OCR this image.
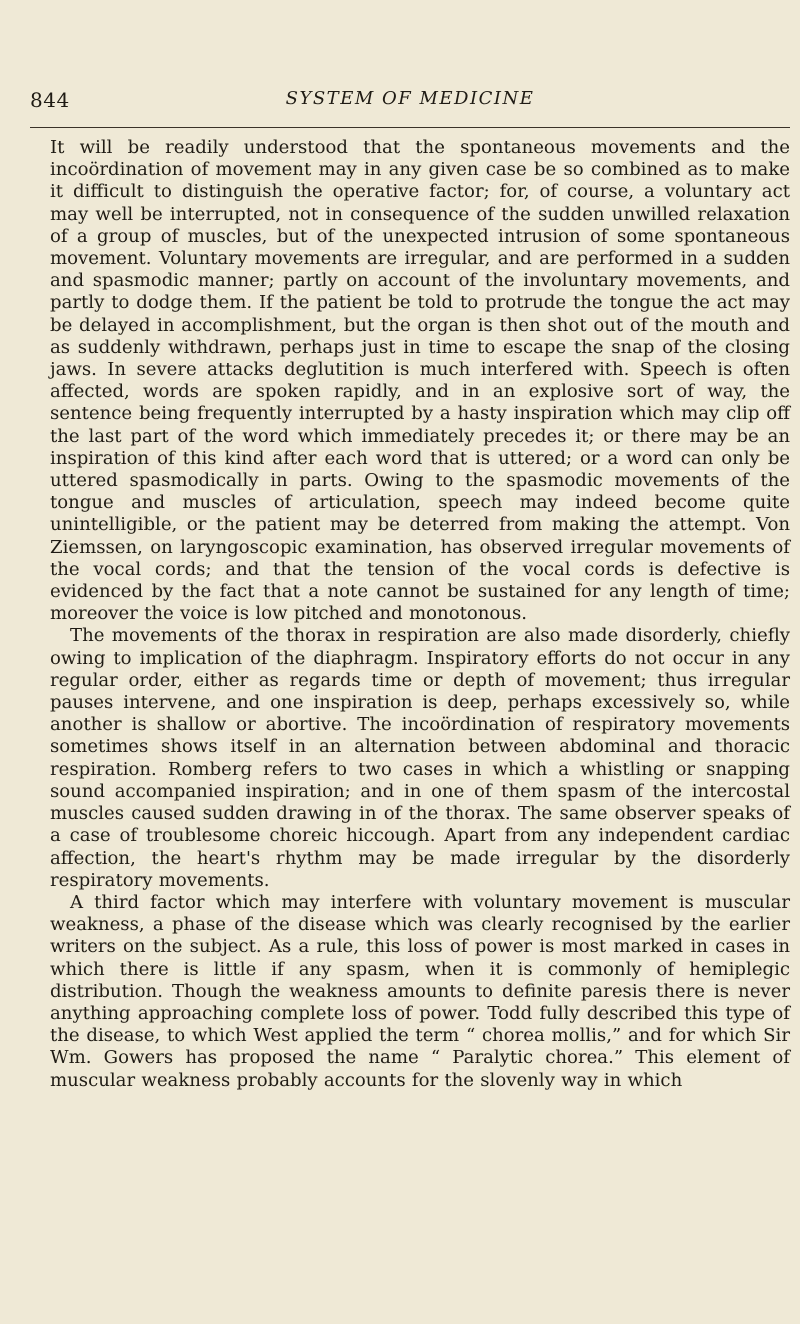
844	SYSTEM OF MEDICINE

It will be readily understood that the spontaneous movements and the incoördination of movement may in any given case be so combined as to make it difficult to distinguish the operative factor; for, of course, a voluntary act may well be interrupted, not in consequence of the sudden unwilled relaxation of a group of muscles, but of the unexpected intrusion of some spontaneous movement. Voluntary movements are irregular, and are performed in a sudden and spasmodic manner; partly on account of the involuntary movements, and partly to dodge them. If the patient be told to protrude the tongue the act may be delayed in accomplishment, but the organ is then shot out of the mouth and as suddenly withdrawn, perhaps just in time to escape the snap of the closing jaws. In severe attacks deglutition is much interfered with. Speech is often affected, words are spoken rapidly, and in an explosive sort of way, the sentence being frequently interrupted by a hasty inspiration which may clip off the last part of the word which immediately precedes it; or there may be an inspiration of this kind after each word that is uttered; or a word can only be uttered spasmodically in parts. Owing to the spasmodic movements of the tongue and muscles of articulation, speech may indeed become quite unintelligible, or the patient may be deterred from making the attempt. Von Ziemssen, on laryngoscopic examination, has observed irregular movements of the vocal cords; and that the tension of the vocal cords is defective is evidenced by the fact that a note cannot be sustained for any length of time; moreover the voice is low pitched and monotonous.

The movements of the thorax in respiration are also made disorderly, chiefly owing to implication of the diaphragm. Inspiratory efforts do not occur in any regular order, either as regards time or depth of movement; thus irregular pauses intervene, and one inspiration is deep, perhaps excessively so, while another is shallow or abortive. The incoördination of respiratory movements sometimes shows itself in an alternation between abdominal and thoracic respiration. Romberg refers to two cases in which a whistling or snapping sound accompanied inspiration; and in one of them spasm of the intercostal muscles caused sudden drawing in of the thorax. The same observer speaks of a case of troublesome choreic hiccough. Apart from any independent cardiac affection, the heart's rhythm may be made irregular by the disorderly respiratory movements.

A third factor which may interfere with voluntary movement is muscular weakness, a phase of the disease which was clearly recognised by the earlier writers on the subject. As a rule, this loss of power is most marked in cases in which there is little if any spasm, when it is commonly of hemiplegic distribution. Though the weakness amounts to definite paresis there is never anything approaching complete loss of power. Todd fully described this type of the disease, to which West applied the term “ chorea mollis,” and for which Sir Wm. Gowers has proposed the name “ Paralytic chorea.” This element of muscular weakness probably accounts for the slovenly way in which
